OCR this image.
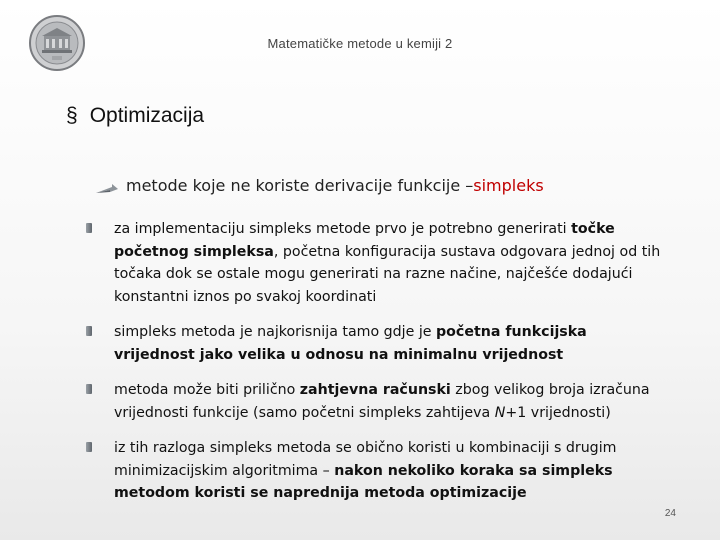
Matematičke metode u kemiji 2
§ Optimizacija
metode koje ne koriste derivacije funkcije – simpleks
za implementaciju simpleks metode prvo je potrebno generirati točke početnog simpleksa, početna konfiguracija sustava odgovara jednoj od tih točaka dok se ostale mogu generirati na razne načine, najčešće dodajući konstantni iznos po svakoj koordinati
simpleks metoda je najkorisnija tamo gdje je početna funkcijska vrijednost jako velika u odnosu na minimalnu vrijednost
metoda može biti prilično zahtjevna računski zbog velikog broja izračuna vrijednosti funkcije (samo početni simpleks zahtijeva N+1 vrijednosti)
iz tih razloga simpleks metoda se obično koristi u kombinaciji s drugim minimizacijskim algoritmima – nakon nekoliko koraka sa simpleks metodom koristi se naprednija metoda optimizacije
24
